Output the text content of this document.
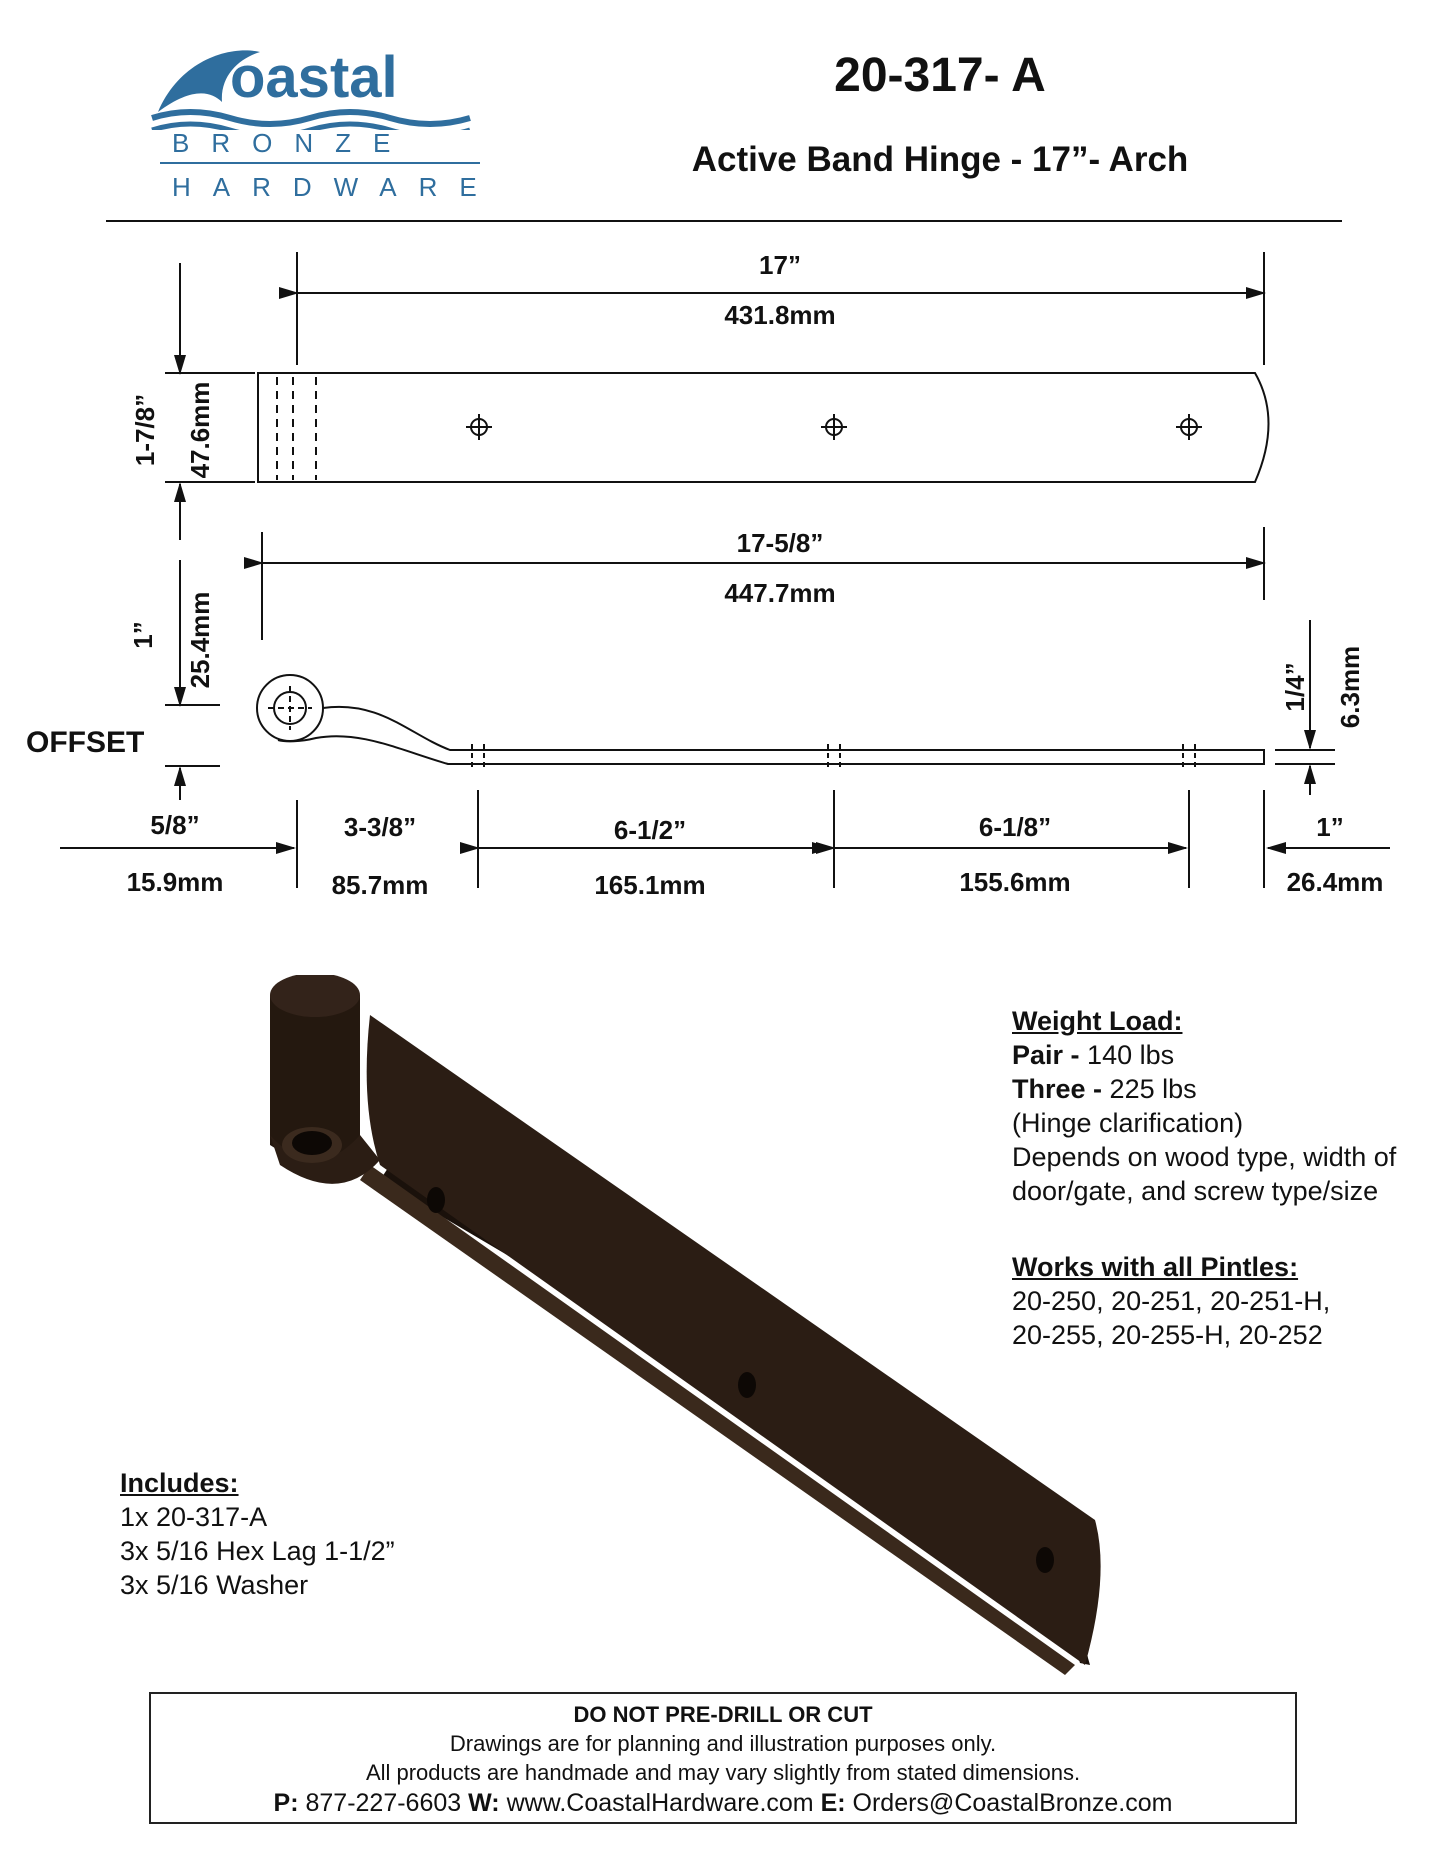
oastal
BRONZE
HARDWARE
20-317- A
Active Band Hinge - 17”- Arch
17”
431.8mm
1-7/8” 47.6mm
17-5/8”
447.7mm
1” 25.4mm
OFFSET
1/4” 6.3mm
5/8”
15.9mm
3-3/8”
85.7mm
6-1/2”
165.1mm
6-1/8”
155.6mm
1”
26.4mm
Weight Load:
Pair - 140 lbs
Three - 225 lbs
(Hinge clarification)
Depends on wood type, width of
door/gate, and screw type/size
Works with all Pintles:
20-250, 20-251, 20-251-H,
20-255, 20-255-H, 20-252
Includes:
1x 20-317-A
3x 5/16 Hex Lag 1-1/2”
3x 5/16 Washer
DO NOT PRE-DRILL OR CUT
Drawings are for planning and illustration purposes only.
All products are handmade and may vary slightly from stated dimensions.
P: 877-227-6603 W: www.CoastalHardware.com E: Orders@CoastalBronze.com
